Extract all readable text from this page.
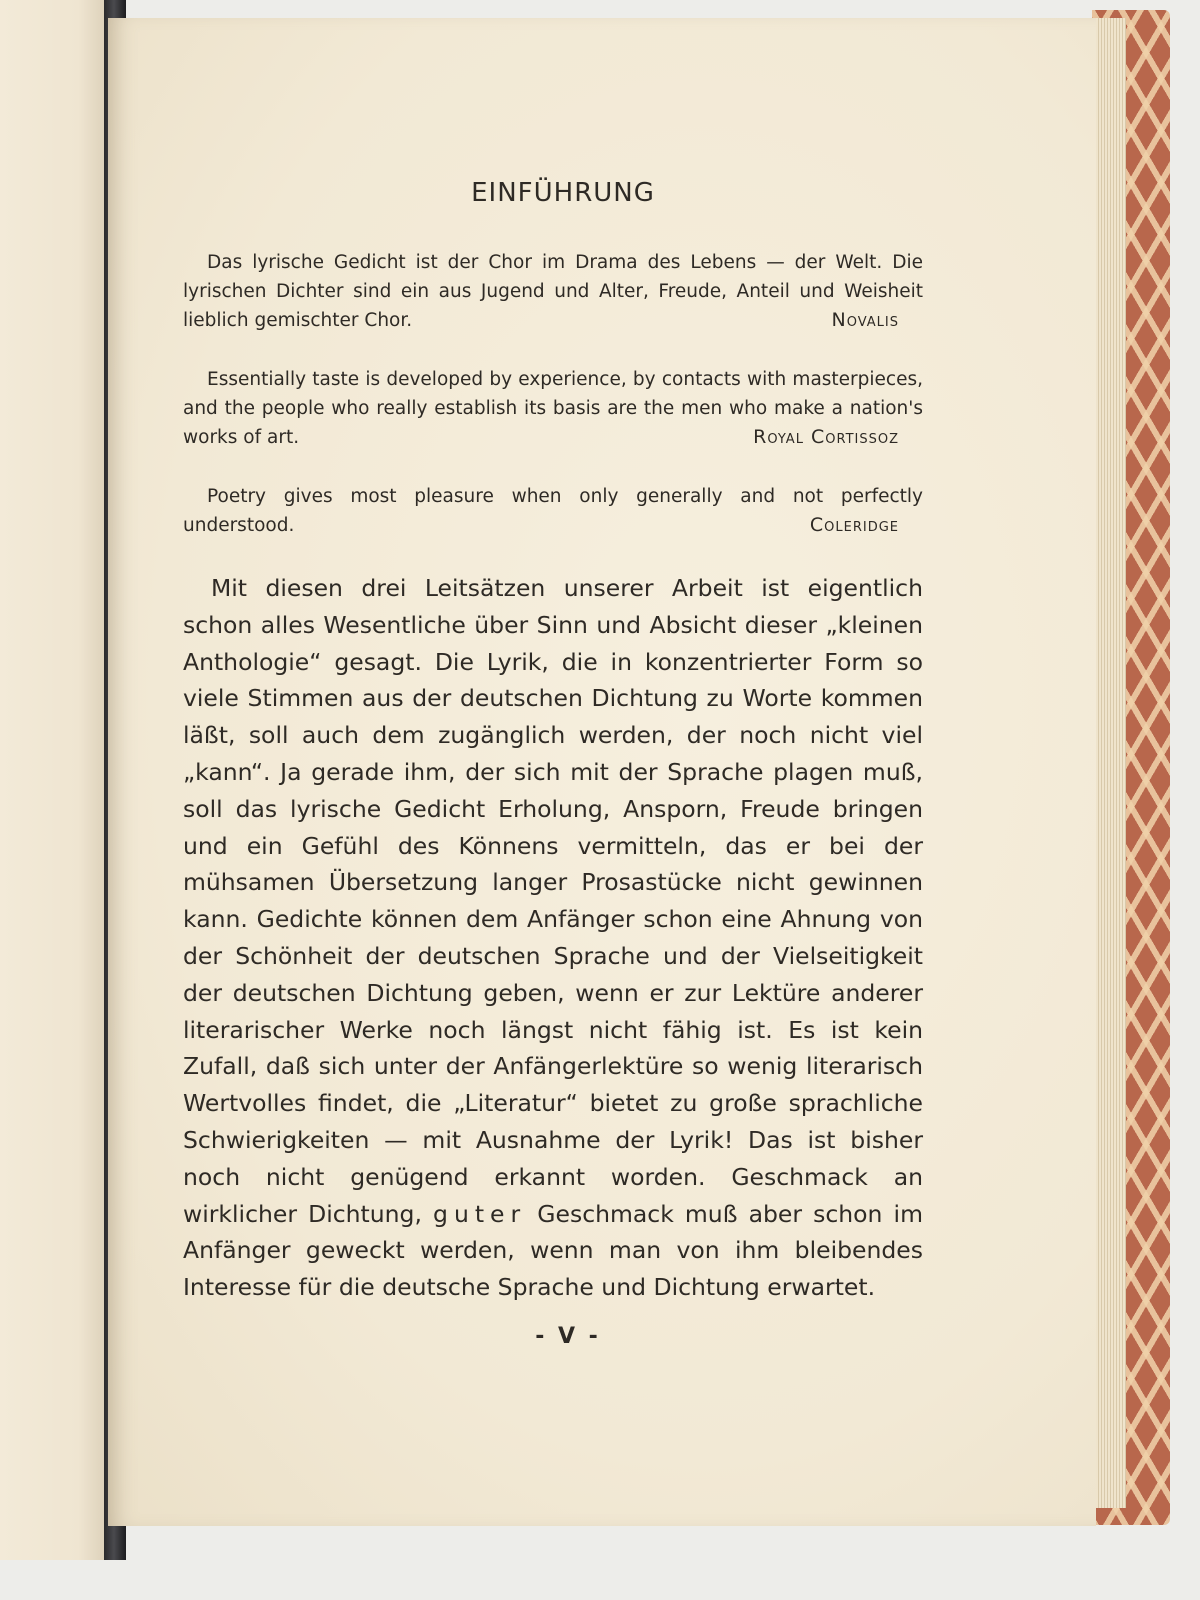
EINFÜHRUNG
Das lyrische Gedicht ist der Chor im Drama des Lebens — der Welt. Die lyrischen Dichter sind ein aus Jugend und Alter, Freude, Anteil und Weisheit lieblich gemischter Chor.	Novalis
Essentially taste is developed by experience, by contacts with masterpieces, and the people who really establish its basis are the men who make a nation's works of art.	Royal Cortissoz
Poetry gives most pleasure when only generally and not perfectly understood.	Coleridge

Mit diesen drei Leitsätzen unserer Arbeit ist eigentlich schon alles Wesentliche über Sinn und Absicht dieser „kleinen Anthologie“ gesagt. Die Lyrik, die in konzentrierter Form so viele Stimmen aus der deutschen Dichtung zu Worte kommen läßt, soll auch dem zugänglich werden, der noch nicht viel „kann“. Ja gerade ihm, der sich mit der Sprache plagen muß, soll das lyrische Gedicht Erholung, Ansporn, Freude bringen und ein Gefühl des Könnens vermitteln, das er bei der mühsamen Übersetzung langer Prosastücke nicht gewinnen kann. Gedichte können dem Anfänger schon eine Ahnung von der Schönheit der deutschen Sprache und der Vielseitigkeit der deutschen Dichtung geben, wenn er zur Lektüre anderer literarischer Werke noch längst nicht fähig ist. Es ist kein Zufall, daß sich unter der Anfängerlektüre so wenig literarisch Wertvolles findet, die „Literatur“ bietet zu große sprachliche Schwierigkeiten — mit Ausnahme der Lyrik! Das ist bisher noch nicht genügend erkannt worden. Geschmack an wirklicher Dichtung, guter Geschmack muß aber schon im Anfänger geweckt werden, wenn man von ihm bleibendes Interesse für die deutsche Sprache und Dichtung erwartet.

- V -
